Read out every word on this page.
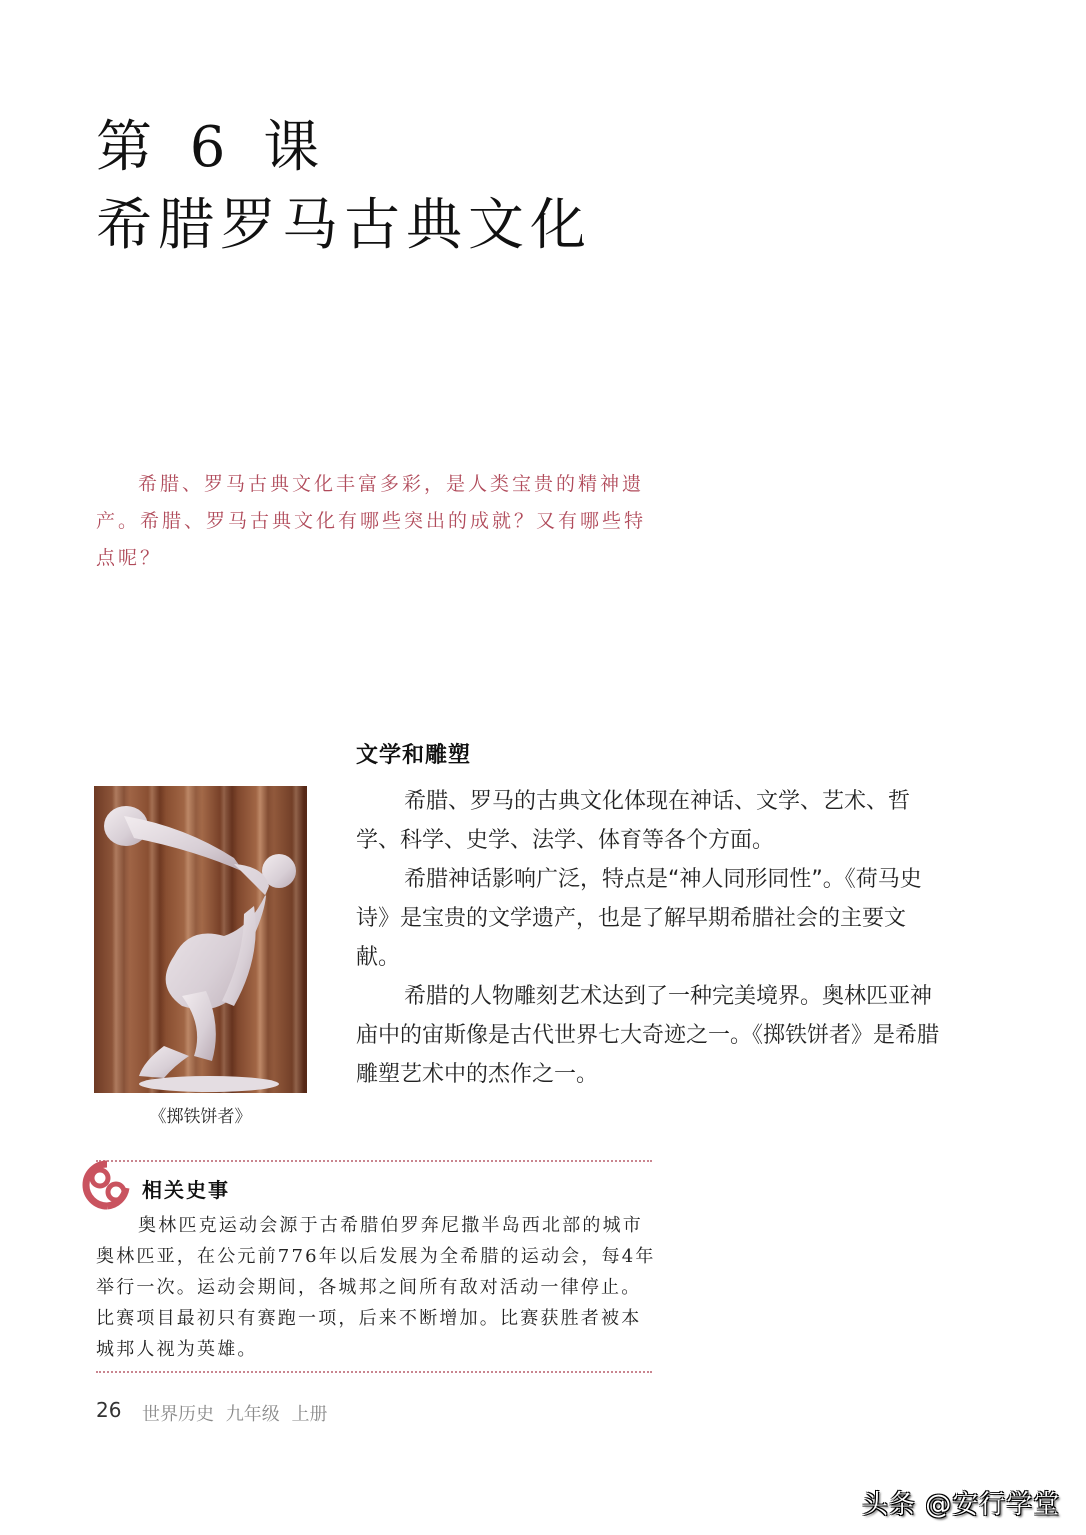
第 6 课
希腊罗马古典文化
希腊、罗马古典文化丰富多彩，是人类宝贵的精神遗产。希腊、罗马古典文化有哪些突出的成就？又有哪些特点呢？
文学和雕塑

希腊、罗马的古典文化体现在神话、文学、艺术、哲学、科学、史学、法学、体育等各个方面。

希腊神话影响广泛，特点是“神人同形同性”。《荷马史诗》是宝贵的文学遗产，也是了解早期希腊社会的主要文献。

希腊的人物雕刻艺术达到了一种完美境界。奥林匹亚神庙中的宙斯像是古代世界七大奇迹之一。《掷铁饼者》是希腊雕塑艺术中的杰作之一。

《掷铁饼者》
相关史事
奥林匹克运动会源于古希腊伯罗奔尼撒半岛西北部的城市奥林匹亚，在公元前776年以后发展为全希腊的运动会，每4年举行一次。运动会期间，各城邦之间所有敌对活动一律停止。比赛项目最初只有赛跑一项，后来不断增加。比赛获胜者被本城邦人视为英雄。
26 世界历史 九年级 上册
头条 @安行学堂
